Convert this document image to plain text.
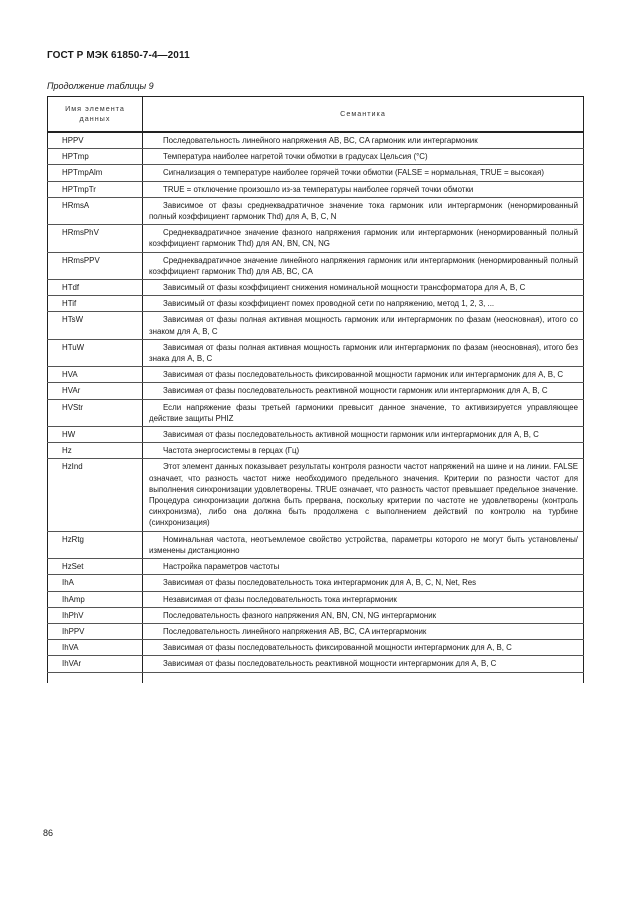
ГОСТ Р МЭК 61850-7-4—2011
Продолжение таблицы 9
Имя элемента данных	Семантика
HPPV	Последовательность линейного напряжения AB, BC, CA гармоник или интергармоник
HPTmp	Температура наиболее нагретой точки обмотки в градусах Цельсия (°C)
HPTmpAlm	Сигнализация о температуре наиболее горячей точки обмотки (FALSE = нормальная, TRUE = высокая)
HPTmpTr	TRUE = отключение произошло из-за температуры наиболее горячей точки обмотки
HRmsA	Зависимое от фазы среднеквадратичное значение тока гармоник или интергармоник (ненормированный полный коэффициент гармоник Thd) для A, B, C, N
HRmsPhV	Среднеквадратичное значение фазного напряжения гармоник или интергармоник (ненормированный полный коэффициент гармоник Thd) для AN, BN, CN, NG
HRmsPPV	Среднеквадратичное значение линейного напряжения гармоник или интергармоник (ненормированный полный коэффициент гармоник Thd) для AB, BC, CA
HTdf	Зависимый от фазы коэффициент снижения номинальной мощности трансформатора для A, B, C
HTif	Зависимый от фазы коэффициент помех проводной сети по напряжению, метод 1, 2, 3, ...
HTsW	Зависимая от фазы полная активная мощность гармоник или интергармоник по фазам (неосновная), итого со знаком для A, B, C
HTuW	Зависимая от фазы полная активная мощность гармоник или интергармоник по фазам (неосновная), итого без знака для A, B, C
HVA	Зависимая от фазы последовательность фиксированной мощности гармоник или интергармоник для A, B, C
HVAr	Зависимая от фазы последовательность реактивной мощности гармоник или интергармоник для A, B, C
HVStr	Если напряжение фазы третьей гармоники превысит данное значение, то активизируется управляющее действие защиты PHIZ
HW	Зависимая от фазы последовательность активной мощности гармоник или интергармоник для A, B, C
Hz	Частота энергосистемы в герцах (Гц)
HzInd	Этот элемент данных показывает результаты контроля разности частот напряжений на шине и на линии. FALSE означает, что разность частот ниже необходимого предельного значения. Критерии по разности частот для выполнения синхронизации удовлетворены. TRUE означает, что разность частот превышает предельное значение. Процедура синхронизации должна быть прервана, поскольку критерии по частоте не удовлетворены (контроль синхронизма), либо она должна быть продолжена с выполнением действий по контролю на турбине (синхронизация)
HzRtg	Номинальная частота, неотъемлемое свойство устройства, параметры которого не могут быть установлены/изменены дистанционно
HzSet	Настройка параметров частоты
IhA	Зависимая от фазы последовательность тока интергармоник для A, B, C, N, Net, Res
IhAmp	Независимая от фазы последовательность тока интергармоник
IhPhV	Последовательность фазного напряжения AN, BN, CN, NG интергармоник
IhPPV	Последовательность линейного напряжения AB, BC, CA интергармоник
IhVA	Зависимая от фазы последовательность фиксированной мощности интергармоник для A, B, C
IhVAr	Зависимая от фазы последовательность реактивной мощности интергармоник для A, B, C

86
